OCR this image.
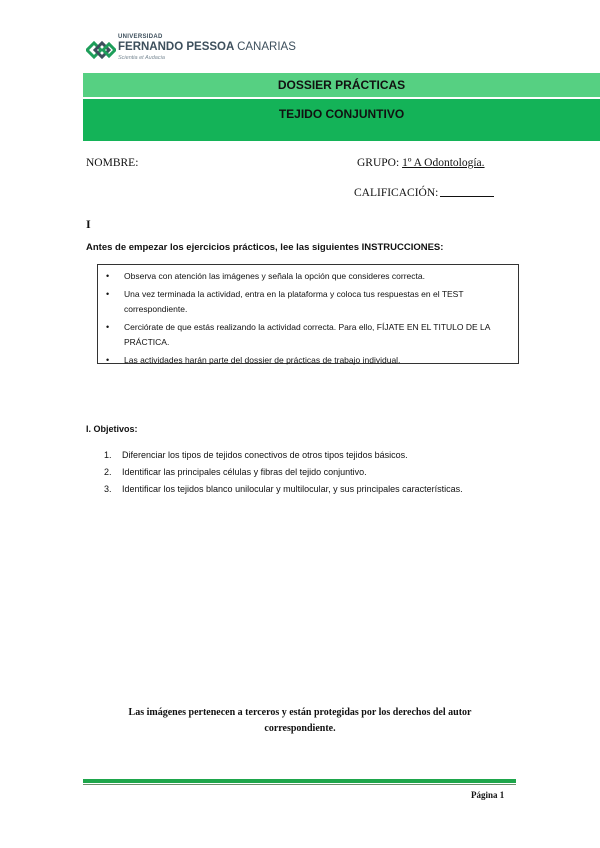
UNIVERSIDAD
FERNANDO PESSOA CANARIAS
Scientia et Audacia
DOSSIER PRÁCTICAS
TEJIDO CONJUNTIVO
NOMBRE:	GRUPO: 1º A Odontología.
CALIFICACIÓN:
I
Antes de empezar los ejercicios prácticos, lee las siguientes INSTRUCCIONES:
• Observa con atención las imágenes y señala la opción que consideres correcta.
• Una vez terminada la actividad, entra en la plataforma y coloca tus respuestas en el TEST correspondiente.
• Cerciórate de que estás realizando la actividad correcta. Para ello, FÍJATE EN EL TITULO DE LA PRÁCTICA.
• Las actividades harán parte del dossier de prácticas de trabajo individual.
I. Objetivos:
1. Diferenciar los tipos de tejidos conectivos de otros tipos tejidos básicos.
2. Identificar las principales células y fibras del tejido conjuntivo.
3. Identificar los tejidos blanco unilocular y multilocular, y sus principales características.
Las imágenes pertenecen a terceros y están protegidas por los derechos del autor correspondiente.
Página 1
